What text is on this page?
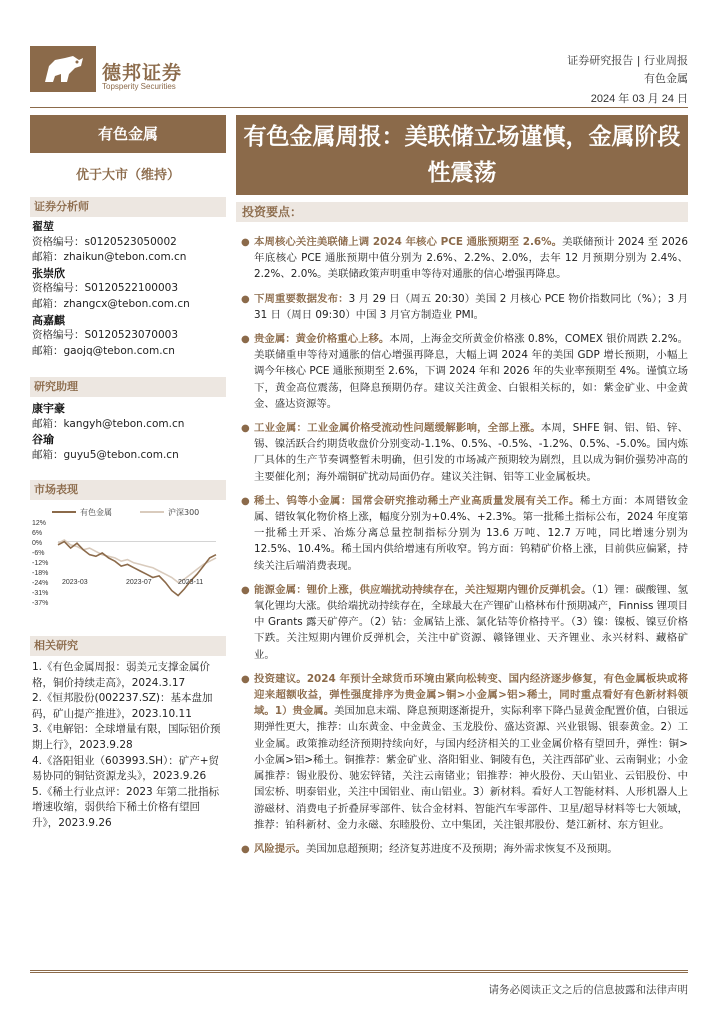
德邦证券
Topsperity Securities
证券研究报告 | 行业周报
有色金属
2024 年 03 月 24 日
有色金属
优于大市（维持）
证券分析师
翟堃
资格编号：s0120523050002
邮箱：zhaikun@tebon.com.cn
张崇欣
资格编号：S0120522100003
邮箱：zhangcx@tebon.com.cn
高嘉麒
资格编号：S0120523070003
邮箱：gaojq@tebon.com.cn
研究助理
康宇豪
邮箱：kangyh@tebon.com.cn
谷瑜
邮箱：guyu5@tebon.com.cn
市场表现
有色金属	沪深300
12%
6%
0%
-6%
-12%
-18%
-24%
-31%
-37%
2023-03	2023-07	2023-11
相关研究
1.《有色金属周报：弱美元支撑金属价格，铜价持续走高》，2024.3.17
2.《恒邦股份(002237.SZ)：基本盘加码，矿山提产推进》，2023.10.11
3.《电解铝：全球增量有限，国际铝价预期上行》，2023.9.28
4.《洛阳钼业（603993.SH）：矿产+贸易协同的铜钴资源龙头》，2023.9.26
5.《稀土行业点评：2023 年第二批指标增速收缩，弱供给下稀土价格有望回升》，2023.9.26
有色金属周报：美联储立场谨慎，金属阶段性震荡
投资要点：
● 本周核心关注美联储上调 2024 年核心 PCE 通胀预期至 2.6%。美联储预计 2024 至 2026 年底核心 PCE 通胀预期中值分别为 2.6%、2.2%、2.0%，去年 12 月预期分别为 2.4%、2.2%、2.0%。美联储政策声明重申等待对通胀的信心增强再降息。
● 下周重要数据发布：3 月 29 日（周五 20:30）美国 2 月核心 PCE 物价指数同比（%）；3 月 31 日（周日 09:30）中国 3 月官方制造业 PMI。
● 贵金属：黄金价格重心上移。本周，上海金交所黄金价格涨 0.8%，COMEX 银价周跌 2.2%。美联储重申等待对通胀的信心增强再降息，大幅上调 2024 年的美国 GDP 增长预期，小幅上调今年核心 PCE 通胀预期至 2.6%，下调 2024 年和 2026 年的失业率预期至 4%。谨慎立场下，黄金高位震荡，但降息预期仍存。建议关注黄金、白银相关标的，如：紫金矿业、中金黄金、盛达资源等。
● 工业金属：工业金属价格受流动性问题缓解影响，全部上涨。本周，SHFE 铜、铝、铅、锌、锡、镍活跃合约期货收盘价分别变动-1.1%、0.5%、-0.5%、-1.2%、0.5%、-5.0%。国内炼厂具体的生产节奏调整暂未明确，但引发的市场减产预期较为剧烈，且以成为铜价强势冲高的主要催化剂；海外端铜矿扰动局面仍存。建议关注铜、铝等工业金属板块。
● 稀土、钨等小金属：国常会研究推动稀土产业高质量发展有关工作。稀土方面：本周镨钕金属、镨钕氧化物价格上涨，幅度分别为+0.4%、+2.3%。第一批稀土指标公布，2024 年度第一批稀土开采、冶炼分离总量控制指标分别为 13.6 万吨、12.7 万吨，同比增速分别为 12.5%、10.4%。稀土国内供给增速有所收窄。钨方面：钨精矿价格上涨，目前供应偏紧，持续关注后端消费表现。
● 能源金属：锂价上涨，供应端扰动持续存在，关注短期内锂价反弹机会。（1）锂：碳酸锂、氢氧化锂均大涨。供给端扰动持续存在，全球最大在产锂矿山格林布什预期减产，Finniss 锂项目中 Grants 露天矿停产。（2）钴：金属钴上涨、氯化钴等价格持平。（3）镍：镍板、镍豆价格下跌。关注短期内锂价反弹机会，关注中矿资源、赣锋锂业、天齐锂业、永兴材料、藏格矿业。
● 投资建议。2024 年预计全球货币环境由紧向松转变、国内经济逐步修复，有色金属板块或将迎来超额收益，弹性强度排序为贵金属>铜>小金属>铝>稀土，同时重点看好有色新材料领域。1）贵金属。美国加息末端、降息预期逐渐提升，实际利率下降凸显黄金配置价值，白银远期弹性更大，推荐：山东黄金、中金黄金、玉龙股份、盛达资源、兴业银锡、银泰黄金。2）工业金属。政策推动经济预期持续向好，与国内经济相关的工业金属价格有望回升，弹性：铜>小金属>铝>稀土。铜推荐：紫金矿业、洛阳钼业、铜陵有色，关注西部矿业、云南铜业；小金属推荐：锡业股份、驰宏锌锗，关注云南锗业；铝推荐：神火股份、天山铝业、云铝股份、中国宏桥、明泰铝业，关注中国铝业、南山铝业。3）新材料。看好人工智能材料、人形机器人上游磁材、消费电子折叠屏零部件、钛合金材料、智能汽车零部件、卫星/超导材料等七大领域，推荐：铂科新材、金力永磁、东睦股份、立中集团，关注银邦股份、楚江新材、东方钽业。
● 风险提示。美国加息超预期；经济复苏进度不及预期；海外需求恢复不及预期。
请务必阅读正文之后的信息披露和法律声明
